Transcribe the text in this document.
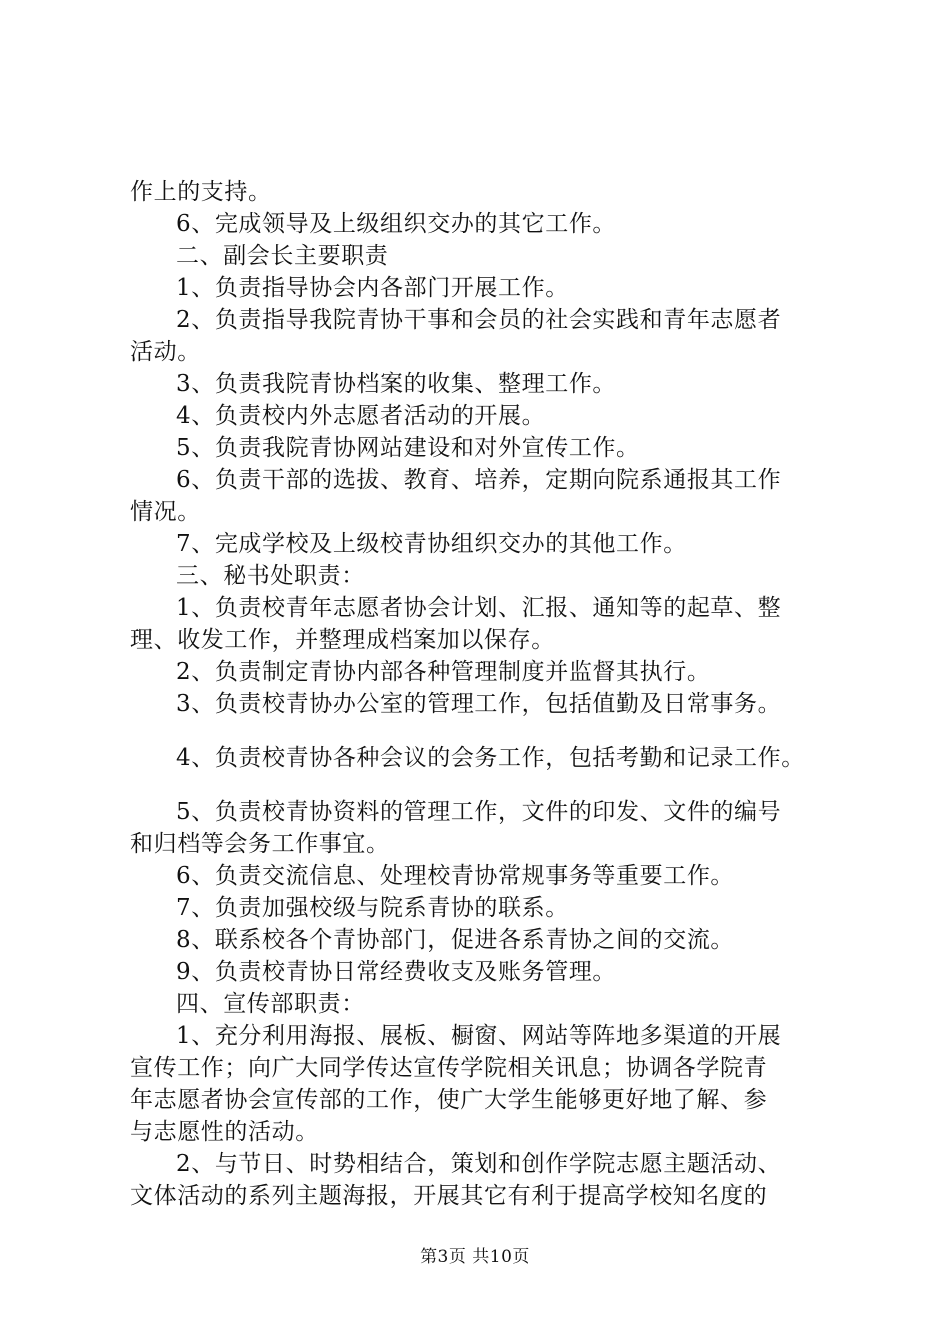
作上的支持。
6、完成领导及上级组织交办的其它工作。
二、副会长主要职责
1、负责指导协会内各部门开展工作。
2、负责指导我院青协干事和会员的社会实践和青年志愿者
活动。
3、负责我院青协档案的收集、整理工作。
4、负责校内外志愿者活动的开展。
5、负责我院青协网站建设和对外宣传工作。
6、负责干部的选拔、教育、培养，定期向院系通报其工作
情况。
7、完成学校及上级校青协组织交办的其他工作。
三、秘书处职责：
1、负责校青年志愿者协会计划、汇报、通知等的起草、整
理、收发工作，并整理成档案加以保存。
2、负责制定青协内部各种管理制度并监督其执行。
3、负责校青协办公室的管理工作，包括值勤及日常事务。
4、负责校青协各种会议的会务工作，包括考勤和记录工作。
5、负责校青协资料的管理工作，文件的印发、文件的编号
和归档等会务工作事宜。
6、负责交流信息、处理校青协常规事务等重要工作。
7、负责加强校级与院系青协的联系。
8、联系校各个青协部门，促进各系青协之间的交流。
9、负责校青协日常经费收支及账务管理。
四、宣传部职责：
1、充分利用海报、展板、橱窗、网站等阵地多渠道的开展
宣传工作；向广大同学传达宣传学院相关讯息；协调各学院青
年志愿者协会宣传部的工作，使广大学生能够更好地了解、参
与志愿性的活动。
2、与节日、时势相结合，策划和创作学院志愿主题活动、
文体活动的系列主题海报，开展其它有利于提高学校知名度的
第3页 共10页
